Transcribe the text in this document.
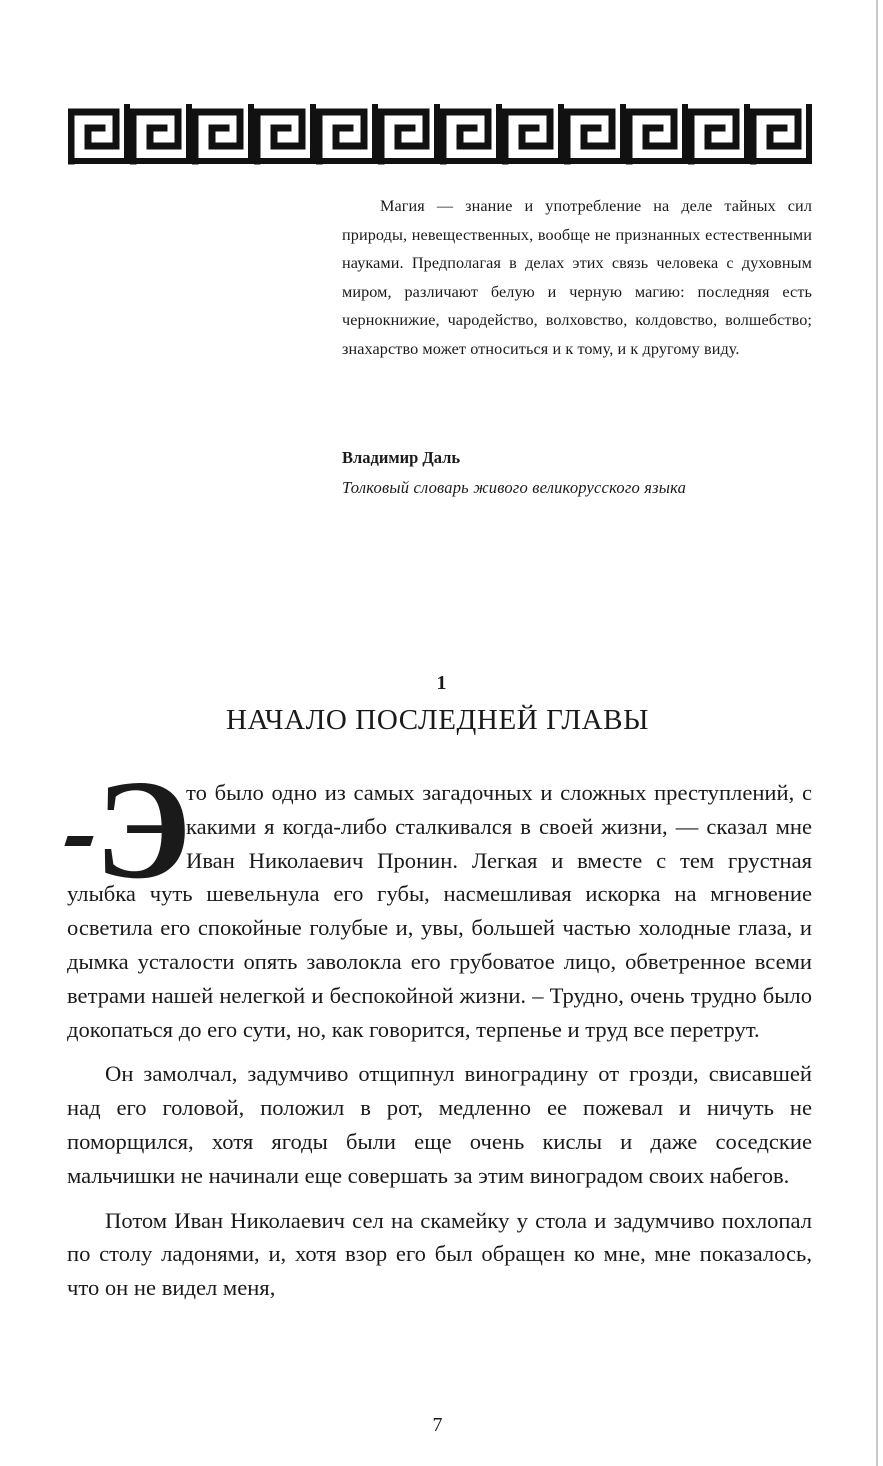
Магия — знание и употребление на деле тайных сил природы, невещественных, вообще не признанных естественными науками. Предполагая в делах этих связь человека с духовным миром, различают белую и черную магию: последняя есть чернокнижие, чародейство, волховство, колдовство, волшебство; знахарство может относиться и к тому, и к другому виду.

Владимир Даль

Толковый словарь живого великорусского языка

1

НАЧАЛО ПОСЛЕДНЕЙ ГЛАВЫ

Э

то было одно из самых загадочных и сложных преступлений, с какими я когда-либо сталкивался в своей жизни, — сказал мне Иван Николаевич Пронин. Легкая и вместе с тем грустная улыбка чуть шевельнула его губы, насмешливая искорка на мгновение осветила его спокойные голубые и, увы, большей частью холодные глаза, и дымка усталости опять заволокла его грубоватое лицо, обветренное всеми ветрами нашей нелегкой и беспокойной жизни. – Трудно, очень трудно было докопаться до его сути, но, как говорится, терпенье и труд все перетрут.

Он замолчал, задумчиво отщипнул виноградину от грозди, свисавшей над его головой, положил в рот, медленно ее пожевал и ничуть не поморщился, хотя ягоды были еще очень кислы и даже соседские мальчишки не начинали еще совершать за этим виноградом своих набегов.

Потом Иван Николаевич сел на скамейку у стола и задумчиво похлопал по столу ладонями, и, хотя взор его был обращен ко мне, мне показалось, что он не видел меня,

7
